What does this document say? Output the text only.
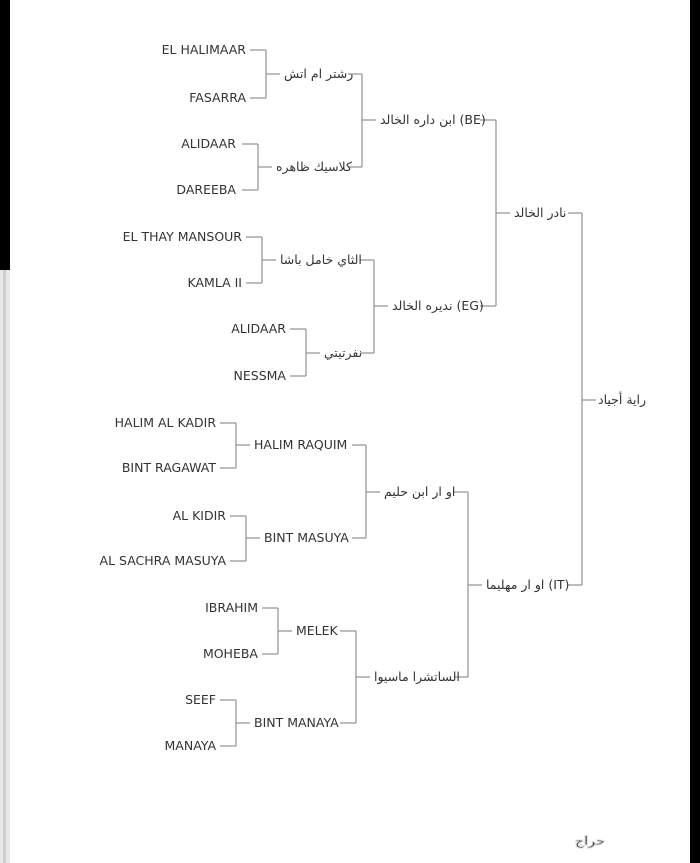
راية أجياد
نادر الخالد
او ار مهليما (IT)
ابن داره الخالد (BE)
نديره الخالد (EG)
او ار ابن حليم
الساتشرا ماسيوا
رشتر ام اتش
كلاسيك ظاهره
الثاي خامل باشا
نفرتيتي
HALIM RAQUIM
BINT MASUYA
MELEK
BINT MANAYA
EL HALIMAAR
FASARRA
ALIDAAR
DAREEBA
EL THAY MANSOUR
KAMLA II
ALIDAAR
NESSMA
HALIM AL KADIR
BINT RAGAWAT
AL KIDIR
AL SACHRA MASUYA
IBRAHIM
MOHEBA
SEEF
MANAYA
حراج
